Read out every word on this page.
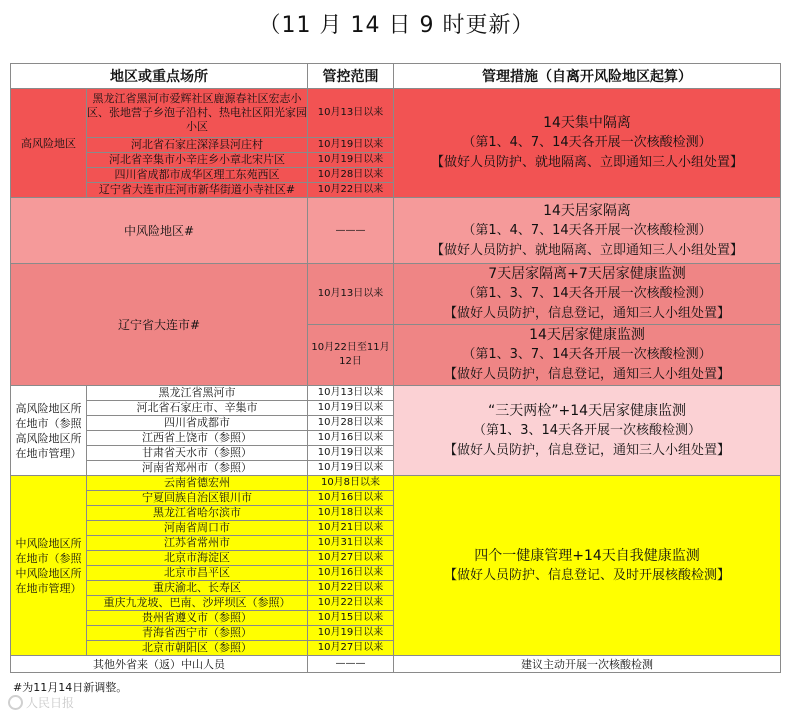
（11 月 14 日 9 时更新）
地区或重点场所		管控范围	管理措施（自离开风险地区起算）
高风险地区	黑龙江省黑河市爱辉社区鹿源春社区宏志小区、张地营子乡泡子沿村、热电社区阳光家园小区	10月13日以来	14天集中隔离
（第1、4、7、14天各开展一次核酸检测）
【做好人员防护、就地隔离、立即通知三人小组处置】

	河北省石家庄深泽县河庄村	10月19日以来	
	河北省辛集市小辛庄乡小章北宋片区	10月19日以来	
	四川省成都市成华区理工东苑西区	10月28日以来	
	辽宁省大连市庄河市新华街道小寺社区#	10月22日以来	
中风险地区#		———	14天居家隔离
（第1、4、7、14天各开展一次核酸检测）
【做好人员防护、就地隔离、立即通知三人小组处置】

辽宁省大连市#		10月13日以来	7天居家隔离+7天居家健康监测
（第1、3、7、14天各开展一次核酸检测）
【做好人员防护，信息登记，通知三人小组处置】

		10月22日至11月12日	14天居家健康监测
（第1、3、7、14天各开展一次核酸检测）
【做好人员防护，信息登记，通知三人小组处置】

高风险地区所在地市（参照高风险地区所在地市管理）	黑龙江省黑河市	10月13日以来	“三天两检”+14天居家健康监测
（第1、3、14天各开展一次核酸检测）
【做好人员防护，信息登记，通知三人小组处置】

	河北省石家庄市、辛集市	10月19日以来	
	四川省成都市	10月28日以来	
	江西省上饶市（参照）	10月16日以来	
	甘肃省天水市（参照）	10月19日以来	
	河南省郑州市（参照）	10月19日以来	
中风险地区所在地市（参照中风险地区所在地市管理）	云南省德宏州	10月8日以来	四个一健康管理+14天自我健康监测
【做好人员防护、信息登记、及时开展核酸检测】

	宁夏回族自治区银川市	10月16日以来	
	黑龙江省哈尔滨市	10月18日以来	
	河南省周口市	10月21日以来	
	江苏省常州市	10月31日以来	
	北京市海淀区	10月27日以来	
	北京市昌平区	10月16日以来	
	重庆渝北、长寿区	10月22日以来	
	重庆九龙坡、巴南、沙坪坝区（参照）	10月22日以来	
	贵州省遵义市（参照）	10月15日以来	
	青海省西宁市（参照）	10月19日以来	
	北京市朝阳区（参照）	10月27日以来	
其他外省来（返）中山人员		———	建议主动开展一次核酸检测
#为11月14日新调整。
人民日报
